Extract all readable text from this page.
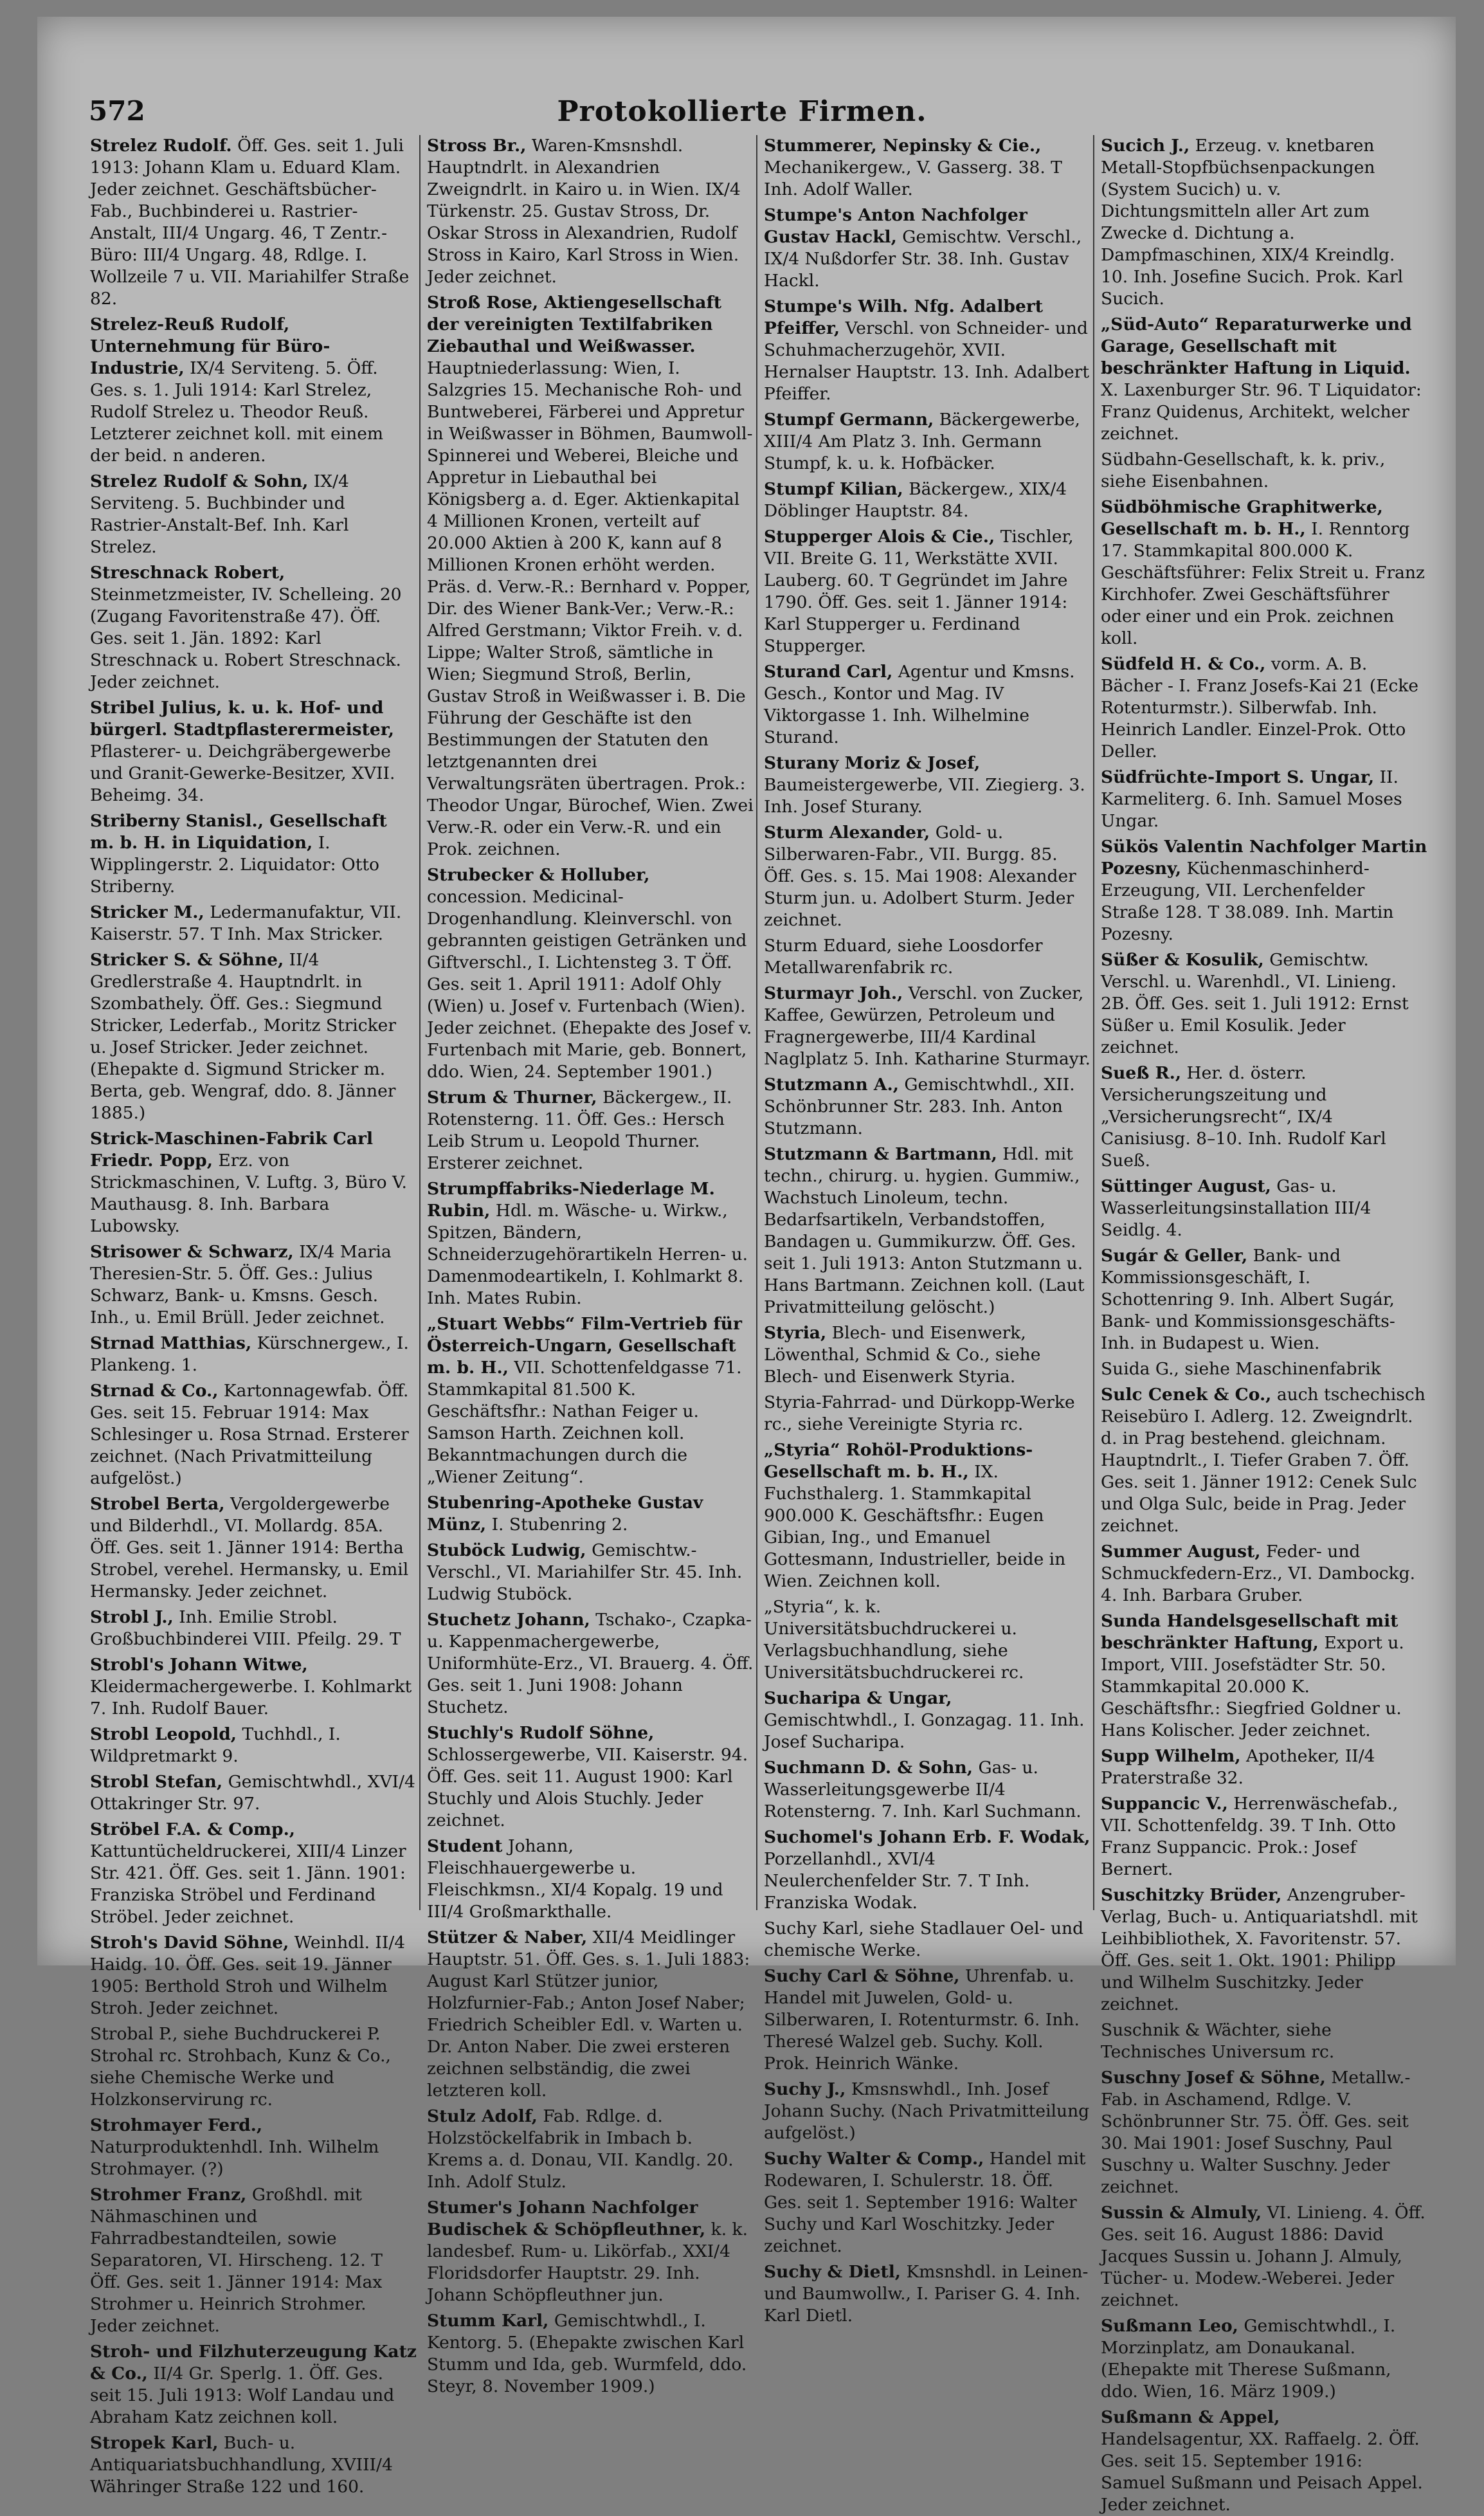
572	Protokollierte Firmen.

Strelez Rudolf. Öff. Ges. seit 1. Juli 1913: Johann Klam u. Eduard Klam. Jeder zeichnet. Geschäftsbücher-Fab., Buchbinderei u. Rastrier-Anstalt, III/4 Ungarg. 46, T Zentr.-Büro: III/4 Ungarg. 48, Rdlge. I. Wollzeile 7 u. VII. Mariahilfer Straße 82.

Strelez-Reuß Rudolf, Unternehmung für Büro-Industrie, IX/4 Serviteng. 5. Öff. Ges. s. 1. Juli 1914: Karl Strelez, Rudolf Strelez u. Theodor Reuß. Letzterer zeichnet koll. mit einem der beid. n anderen.

Strelez Rudolf & Sohn, IX/4 Serviteng. 5. Buchbinder und Rastrier-Anstalt-Bef. Inh. Karl Strelez.

Streschnack Robert, Steinmetzmeister, IV. Schelleing. 20 (Zugang Favoritenstraße 47). Öff. Ges. seit 1. Jän. 1892: Karl Streschnack u. Robert Streschnack. Jeder zeichnet.

Stribel Julius, k. u. k. Hof- und bürgerl. Stadtpflasterermeister, Pflasterer- u. Deichgräbergewerbe und Granit-Gewerke-Besitzer, XVII. Beheimg. 34.

Striberny Stanisl., Gesellschaft m. b. H. in Liquidation, I. Wipplingerstr. 2. Liquidator: Otto Striberny.

Stricker M., Ledermanufaktur, VII. Kaiserstr. 57. T Inh. Max Stricker.

Stricker S. & Söhne, II/4 Gredlerstraße 4. Hauptndrlt. in Szombathely. Öff. Ges.: Siegmund Stricker, Lederfab., Moritz Stricker u. Josef Stricker. Jeder zeichnet. (Ehepakte d. Sigmund Stricker m. Berta, geb. Wengraf, ddo. 8. Jänner 1885.)

Strick-Maschinen-Fabrik Carl Friedr. Popp, Erz. von Strickmaschinen, V. Luftg. 3, Büro V. Mauthausg. 8. Inh. Barbara Lubowsky.

Strisower & Schwarz, IX/4 Maria Theresien-Str. 5. Öff. Ges.: Julius Schwarz, Bank- u. Kmsns. Gesch. Inh., u. Emil Brüll. Jeder zeichnet.

Strnad Matthias, Kürschnergew., I. Plankeng. 1.

Strnad & Co., Kartonnagewfab. Öff. Ges. seit 15. Februar 1914: Max Schlesinger u. Rosa Strnad. Ersterer zeichnet. (Nach Privatmitteilung aufgelöst.)

Strobel Berta, Vergoldergewerbe und Bilderhdl., VI. Mollardg. 85A. Öff. Ges. seit 1. Jänner 1914: Bertha Strobel, verehel. Hermansky, u. Emil Hermansky. Jeder zeichnet.

Strobl J., Inh. Emilie Strobl. Großbuchbinderei VIII. Pfeilg. 29. T

Strobl's Johann Witwe, Kleidermachergewerbe. I. Kohlmarkt 7. Inh. Rudolf Bauer.

Strobl Leopold, Tuchhdl., I. Wildpretmarkt 9.

Strobl Stefan, Gemischtwhdl., XVI/4 Ottakringer Str. 97.

Ströbel F.A. & Comp., Kattuntücheldruckerei, XIII/4 Linzer Str. 421. Öff. Ges. seit 1. Jänn. 1901: Franziska Ströbel und Ferdinand Ströbel. Jeder zeichnet.

Stroh's David Söhne, Weinhdl. II/4 Haidg. 10. Öff. Ges. seit 19. Jänner 1905: Berthold Stroh und Wilhelm Stroh. Jeder zeichnet.

Strobal P., siehe Buchdruckerei P. Strohal rc. Strohbach, Kunz & Co., siehe Chemische Werke und Holzkonservirung rc.

Strohmayer Ferd., Naturproduktenhdl. Inh. Wilhelm Strohmayer. (?)

Strohmer Franz, Großhdl. mit Nähmaschinen und Fahrradbestandteilen, sowie Separatoren, VI. Hirscheng. 12. T Öff. Ges. seit 1. Jänner 1914: Max Strohmer u. Heinrich Strohmer. Jeder zeichnet.

Stroh- und Filzhuterzeugung Katz & Co., II/4 Gr. Sperlg. 1. Öff. Ges. seit 15. Juli 1913: Wolf Landau und Abraham Katz zeichnen koll.

Stropek Karl, Buch- u. Antiquariatsbuchhandlung, XVIII/4 Währinger Straße 122 und 160.

Stross Br., Waren-Kmsnshdl. Hauptndrlt. in Alexandrien Zweigndrlt. in Kairo u. in Wien. IX/4 Türkenstr. 25. Gustav Stross, Dr. Oskar Stross in Alexandrien, Rudolf Stross in Kairo, Karl Stross in Wien. Jeder zeichnet.

Stroß Rose, Aktiengesellschaft der vereinigten Textilfabriken Ziebauthal und Weißwasser. Hauptniederlassung: Wien, I. Salzgries 15. Mechanische Roh- und Buntweberei, Färberei und Appretur in Weißwasser in Böhmen, Baumwoll-Spinnerei und Weberei, Bleiche und Appretur in Liebauthal bei Königsberg a. d. Eger. Aktienkapital 4 Millionen Kronen, verteilt auf 20.000 Aktien à 200 K, kann auf 8 Millionen Kronen erhöht werden. Präs. d. Verw.-R.: Bernhard v. Popper, Dir. des Wiener Bank-Ver.; Verw.-R.: Alfred Gerstmann; Viktor Freih. v. d. Lippe; Walter Stroß, sämtliche in Wien; Siegmund Stroß, Berlin, Gustav Stroß in Weißwasser i. B. Die Führung der Geschäfte ist den Bestimmungen der Statuten den letztgenannten drei Verwaltungsräten übertragen. Prok.: Theodor Ungar, Bürochef, Wien. Zwei Verw.-R. oder ein Verw.-R. und ein Prok. zeichnen.

Strubecker & Holluber, concession. Medicinal-Drogenhandlung. Kleinverschl. von gebrannten geistigen Getränken und Giftverschl., I. Lichtensteg 3. T Öff. Ges. seit 1. April 1911: Adolf Ohly (Wien) u. Josef v. Furtenbach (Wien). Jeder zeichnet. (Ehepakte des Josef v. Furtenbach mit Marie, geb. Bonnert, ddo. Wien, 24. September 1901.)

Strum & Thurner, Bäckergew., II. Rotensterng. 11. Öff. Ges.: Hersch Leib Strum u. Leopold Thurner. Ersterer zeichnet.

Strumpffabriks-Niederlage M. Rubin, Hdl. m. Wäsche- u. Wirkw., Spitzen, Bändern, Schneiderzugehörartikeln Herren- u. Damenmodeartikeln, I. Kohlmarkt 8. Inh. Mates Rubin.

„Stuart Webbs“ Film-Vertrieb für Österreich-Ungarn, Gesellschaft m. b. H., VII. Schottenfeldgasse 71. Stammkapital 81.500 K. Geschäftsfhr.: Nathan Feiger u. Samson Harth. Zeichnen koll. Bekanntmachungen durch die „Wiener Zeitung“.

Stubenring-Apotheke Gustav Münz, I. Stubenring 2.

Stuböck Ludwig, Gemischtw.-Verschl., VI. Mariahilfer Str. 45. Inh. Ludwig Stuböck.

Stuchetz Johann, Tschako-, Czapka- u. Kappenmachergewerbe, Uniformhüte-Erz., VI. Brauerg. 4. Öff. Ges. seit 1. Juni 1908: Johann Stuchetz.

Stuchly's Rudolf Söhne, Schlossergewerbe, VII. Kaiserstr. 94. Öff. Ges. seit 11. August 1900: Karl Stuchly und Alois Stuchly. Jeder zeichnet.

Student Johann, Fleischhauergewerbe u. Fleischkmsn., XI/4 Kopalg. 19 und III/4 Großmarkthalle.

Stützer & Naber, XII/4 Meidlinger Hauptstr. 51. Öff. Ges. s. 1. Juli 1883: August Karl Stützer junior, Holzfurnier-Fab.; Anton Josef Naber; Friedrich Scheibler Edl. v. Warten u. Dr. Anton Naber. Die zwei ersteren zeichnen selbständig, die zwei letzteren koll.

Stulz Adolf, Fab. Rdlge. d. Holzstöckelfabrik in Imbach b. Krems a. d. Donau, VII. Kandlg. 20. Inh. Adolf Stulz.

Stumer's Johann Nachfolger Budischek & Schöpfleuthner, k. k. landesbef. Rum- u. Likörfab., XXI/4 Floridsdorfer Hauptstr. 29. Inh. Johann Schöpfleuthner jun.

Stumm Karl, Gemischtwhdl., I. Kentorg. 5. (Ehepakte zwischen Karl Stumm und Ida, geb. Wurmfeld, ddo. Steyr, 8. November 1909.)

Stummerer, Nepinsky & Cie., Mechanikergew., V. Gasserg. 38. T Inh. Adolf Waller.

Stumpe's Anton Nachfolger Gustav Hackl, Gemischtw. Verschl., IX/4 Nußdorfer Str. 38. Inh. Gustav Hackl.

Stumpe's Wilh. Nfg. Adalbert Pfeiffer, Verschl. von Schneider- und Schuhmacherzugehör, XVII. Hernalser Hauptstr. 13. Inh. Adalbert Pfeiffer.

Stumpf Germann, Bäckergewerbe, XIII/4 Am Platz 3. Inh. Germann Stumpf, k. u. k. Hofbäcker.

Stumpf Kilian, Bäckergew., XIX/4 Döblinger Hauptstr. 84.

Stupperger Alois & Cie., Tischler, VII. Breite G. 11, Werkstätte XVII. Lauberg. 60. T Gegründet im Jahre 1790. Öff. Ges. seit 1. Jänner 1914: Karl Stupperger u. Ferdinand Stupperger.

Sturand Carl, Agentur und Kmsns. Gesch., Kontor und Mag. IV Viktorgasse 1. Inh. Wilhelmine Sturand.

Sturany Moriz & Josef, Baumeistergewerbe, VII. Ziegierg. 3. Inh. Josef Sturany.

Sturm Alexander, Gold- u. Silberwaren-Fabr., VII. Burgg. 85. Öff. Ges. s. 15. Mai 1908: Alexander Sturm jun. u. Adolbert Sturm. Jeder zeichnet.

Sturm Eduard, siehe Loosdorfer Metallwarenfabrik rc.

Sturmayr Joh., Verschl. von Zucker, Kaffee, Gewürzen, Petroleum und Fragnergewerbe, III/4 Kardinal Naglplatz 5. Inh. Katharine Sturmayr.

Stutzmann A., Gemischtwhdl., XII. Schönbrunner Str. 283. Inh. Anton Stutzmann.

Stutzmann & Bartmann, Hdl. mit techn., chirurg. u. hygien. Gummiw., Wachstuch Linoleum, techn. Bedarfsartikeln, Verbandstoffen, Bandagen u. Gummikurzw. Öff. Ges. seit 1. Juli 1913: Anton Stutzmann u. Hans Bartmann. Zeichnen koll. (Laut Privatmitteilung gelöscht.)

Styria, Blech- und Eisenwerk, Löwenthal, Schmid & Co., siehe Blech- und Eisenwerk Styria.

Styria-Fahrrad- und Dürkopp-Werke rc., siehe Vereinigte Styria rc.

„Styria“ Rohöl-Produktions-Gesellschaft m. b. H., IX. Fuchsthalerg. 1. Stammkapital 900.000 K. Geschäftsfhr.: Eugen Gibian, Ing., und Emanuel Gottesmann, Industrieller, beide in Wien. Zeichnen koll.

„Styria“, k. k. Universitätsbuchdruckerei u. Verlagsbuchhandlung, siehe Universitätsbuchdruckerei rc.

Sucharipa & Ungar, Gemischtwhdl., I. Gonzagag. 11. Inh. Josef Sucharipa.

Suchmann D. & Sohn, Gas- u. Wasserleitungsgewerbe II/4 Rotensterng. 7. Inh. Karl Suchmann.

Suchomel's Johann Erb. F. Wodak, Porzellanhdl., XVI/4 Neulerchenfelder Str. 7. T Inh. Franziska Wodak.

Suchy Karl, siehe Stadlauer Oel- und chemische Werke.

Suchy Carl & Söhne, Uhrenfab. u. Handel mit Juwelen, Gold- u. Silberwaren, I. Rotenturmstr. 6. Inh. Theresé Walzel geb. Suchy. Koll. Prok. Heinrich Wänke.

Suchy J., Kmsnswhdl., Inh. Josef Johann Suchy. (Nach Privatmitteilung aufgelöst.)

Suchy Walter & Comp., Handel mit Rodewaren, I. Schulerstr. 18. Öff. Ges. seit 1. September 1916: Walter Suchy und Karl Woschitzky. Jeder zeichnet.

Suchy & Dietl, Kmsnshdl. in Leinen- und Baumwollw., I. Pariser G. 4. Inh. Karl Dietl.

Sucich J., Erzeug. v. knetbaren Metall-Stopfbüchsenpackungen (System Sucich) u. v. Dichtungsmitteln aller Art zum Zwecke d. Dichtung a. Dampfmaschinen, XIX/4 Kreindlg. 10. Inh. Josefine Sucich. Prok. Karl Sucich.

„Süd-Auto“ Reparaturwerke und Garage, Gesellschaft mit beschränkter Haftung in Liquid. X. Laxenburger Str. 96. T Liquidator: Franz Quidenus, Architekt, welcher zeichnet.

Südbahn-Gesellschaft, k. k. priv., siehe Eisenbahnen.

Südböhmische Graphitwerke, Gesellschaft m. b. H., I. Renntorg 17. Stammkapital 800.000 K. Geschäftsführer: Felix Streit u. Franz Kirchhofer. Zwei Geschäftsführer oder einer und ein Prok. zeichnen koll.

Südfeld H. & Co., vorm. A. B. Bächer - I. Franz Josefs-Kai 21 (Ecke Rotenturmstr.). Silberwfab. Inh. Heinrich Landler. Einzel-Prok. Otto Deller.

Südfrüchte-Import S. Ungar, II. Karmeliterg. 6. Inh. Samuel Moses Ungar.

Sükös Valentin Nachfolger Martin Pozesny, Küchenmaschinherd-Erzeugung, VII. Lerchenfelder Straße 128. T 38.089. Inh. Martin Pozesny.

Süßer & Kosulik, Gemischtw. Verschl. u. Warenhdl., VI. Linieng. 2B. Öff. Ges. seit 1. Juli 1912: Ernst Süßer u. Emil Kosulik. Jeder zeichnet.

Sueß R., Her. d. österr. Versicherungszeitung und „Versicherungsrecht“, IX/4 Canisiusg. 8–10. Inh. Rudolf Karl Sueß.

Süttinger August, Gas- u. Wasserleitungsinstallation III/4 Seidlg. 4.

Sugár & Geller, Bank- und Kommissionsgeschäft, I. Schottenring 9. Inh. Albert Sugár, Bank- und Kommissionsgeschäfts-Inh. in Budapest u. Wien.

Suida G., siehe Maschinenfabrik

Sulc Cenek & Co., auch tschechisch Reisebüro I. Adlerg. 12. Zweigndrlt. d. in Prag bestehend. gleichnam. Hauptndrlt., I. Tiefer Graben 7. Öff. Ges. seit 1. Jänner 1912: Cenek Sulc und Olga Sulc, beide in Prag. Jeder zeichnet.

Summer August, Feder- und Schmuckfedern-Erz., VI. Dambockg. 4. Inh. Barbara Gruber.

Sunda Handelsgesellschaft mit beschränkter Haftung, Export u. Import, VIII. Josefstädter Str. 50. Stammkapital 20.000 K. Geschäftsfhr.: Siegfried Goldner u. Hans Kolischer. Jeder zeichnet.

Supp Wilhelm, Apotheker, II/4 Praterstraße 32.

Suppancic V., Herrenwäschefab., VII. Schottenfeldg. 39. T Inh. Otto Franz Suppancic. Prok.: Josef Bernert.

Suschitzky Brüder, Anzengruber-Verlag, Buch- u. Antiquariatshdl. mit Leihbibliothek, X. Favoritenstr. 57. Öff. Ges. seit 1. Okt. 1901: Philipp und Wilhelm Suschitzky. Jeder zeichnet.

Suschnik & Wächter, siehe Technisches Universum rc.

Suschny Josef & Söhne, Metallw.-Fab. in Aschamend, Rdlge. V. Schönbrunner Str. 75. Öff. Ges. seit 30. Mai 1901: Josef Suschny, Paul Suschny u. Walter Suschny. Jeder zeichnet.

Sussin & Almuly, VI. Linieng. 4. Öff. Ges. seit 16. August 1886: David Jacques Sussin u. Johann J. Almuly, Tücher- u. Modew.-Weberei. Jeder zeichnet.

Sußmann Leo, Gemischtwhdl., I. Morzinplatz, am Donaukanal. (Ehepakte mit Therese Sußmann, ddo. Wien, 16. März 1909.)

Sußmann & Appel, Handelsagentur, XX. Raffaelg. 2. Öff. Ges. seit 15. September 1916: Samuel Sußmann und Peisach Appel. Jeder zeichnet.
